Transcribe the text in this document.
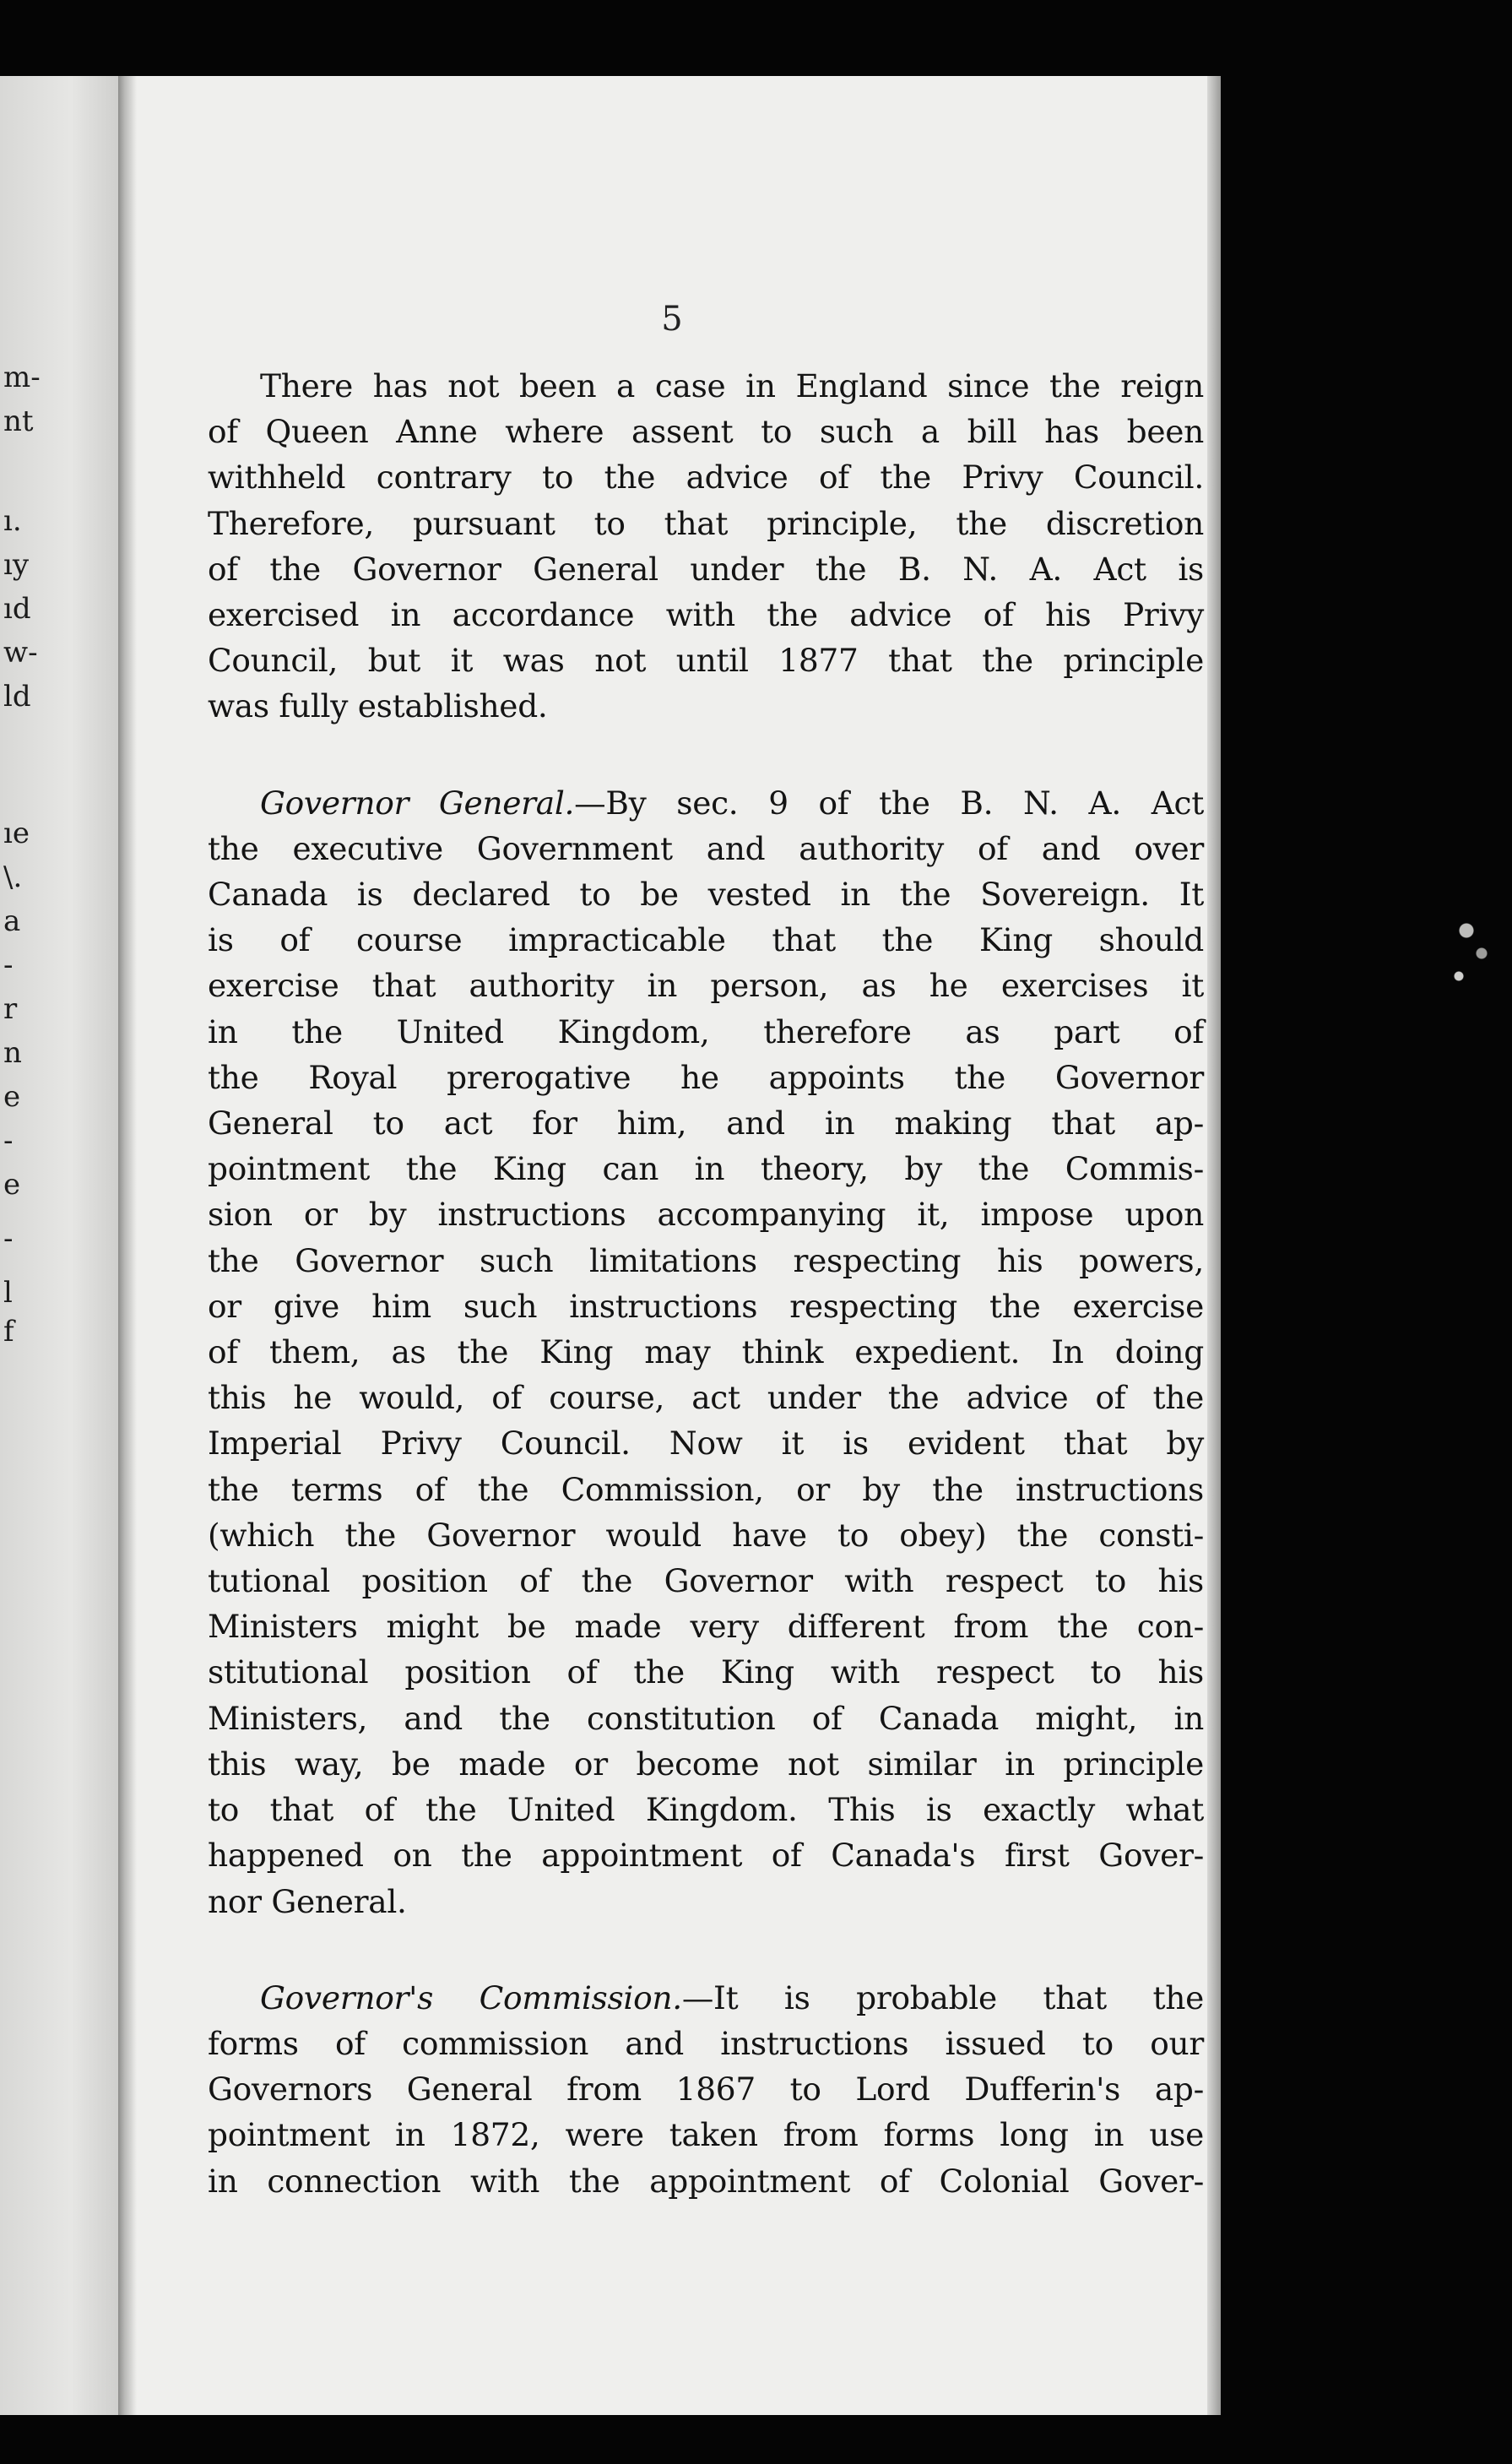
m-
nt
ı.
ıy
ıd
w-
ld
ıe
\.
a
-
r
n
e
-
e
-
l
f
5

There has not been a case in England since the reign
of Queen Anne where assent to such a bill has been
withheld contrary to the advice of the Privy Council.
Therefore, pursuant to that principle, the discretion
of the Governor General under the B. N. A. Act is
exercised in accordance with the advice of his Privy
Council, but it was not until 1877 that the principle
was fully established.

Governor General.—By sec. 9 of the B. N. A. Act
the executive Government and authority of and over
Canada is declared to be vested in the Sovereign. It
is of course impracticable that the King should
exercise that authority in person, as he exercises it
in the United Kingdom, therefore as part of
the Royal prerogative he appoints the Governor
General to act for him, and in making that ap-
pointment the King can in theory, by the Commis-
sion or by instructions accompanying it, impose upon
the Governor such limitations respecting his powers,
or give him such instructions respecting the exercise
of them, as the King may think expedient. In doing
this he would, of course, act under the advice of the
Imperial Privy Council. Now it is evident that by
the terms of the Commission, or by the instructions
(which the Governor would have to obey) the consti-
tutional position of the Governor with respect to his
Ministers might be made very different from the con-
stitutional position of the King with respect to his
Ministers, and the constitution of Canada might, in
this way, be made or become not similar in principle
to that of the United Kingdom. This is exactly what
happened on the appointment of Canada's first Gover-
nor General.

Governor's Commission.—It is probable that the
forms of commission and instructions issued to our
Governors General from 1867 to Lord Dufferin's ap-
pointment in 1872, were taken from forms long in use
in connection with the appointment of Colonial Gover-
